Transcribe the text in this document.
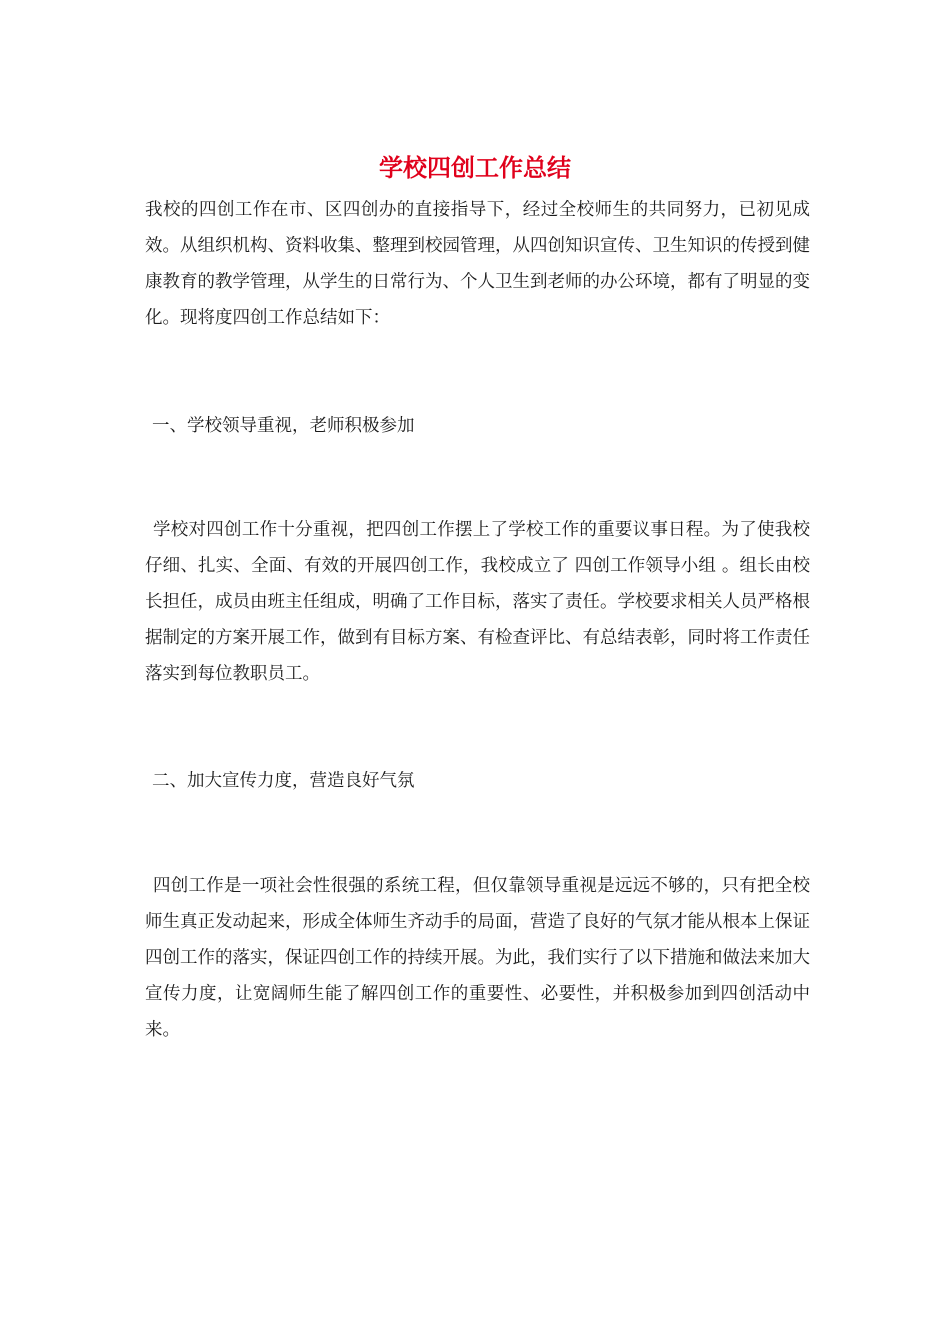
学校四创工作总结

我校的四创工作在市、区四创办的直接指导下，经过全校师生的共同努力，已初见成效。从组织机构、资料收集、整理到校园管理，从四创知识宣传、卫生知识的传授到健康教育的教学管理，从学生的日常行为、个人卫生到老师的办公环境，都有了明显的变化。现将度四创工作总结如下：

一、学校领导重视，老师积极参加

学校对四创工作十分重视，把四创工作摆上了学校工作的重要议事日程。为了使我校仔细、扎实、全面、有效的开展四创工作，我校成立了 四创工作领导小组 。组长由校长担任，成员由班主任组成，明确了工作目标，落实了责任。学校要求相关人员严格根据制定的方案开展工作，做到有目标方案、有检查评比、有总结表彰，同时将工作责任落实到每位教职员工。

二、加大宣传力度，营造良好气氛

四创工作是一项社会性很强的系统工程，但仅靠领导重视是远远不够的，只有把全校师生真正发动起来，形成全体师生齐动手的局面，营造了良好的气氛才能从根本上保证四创工作的落实，保证四创工作的持续开展。为此，我们实行了以下措施和做法来加大宣传力度，让宽阔师生能了解四创工作的重要性、必要性，并积极参加到四创活动中来。
